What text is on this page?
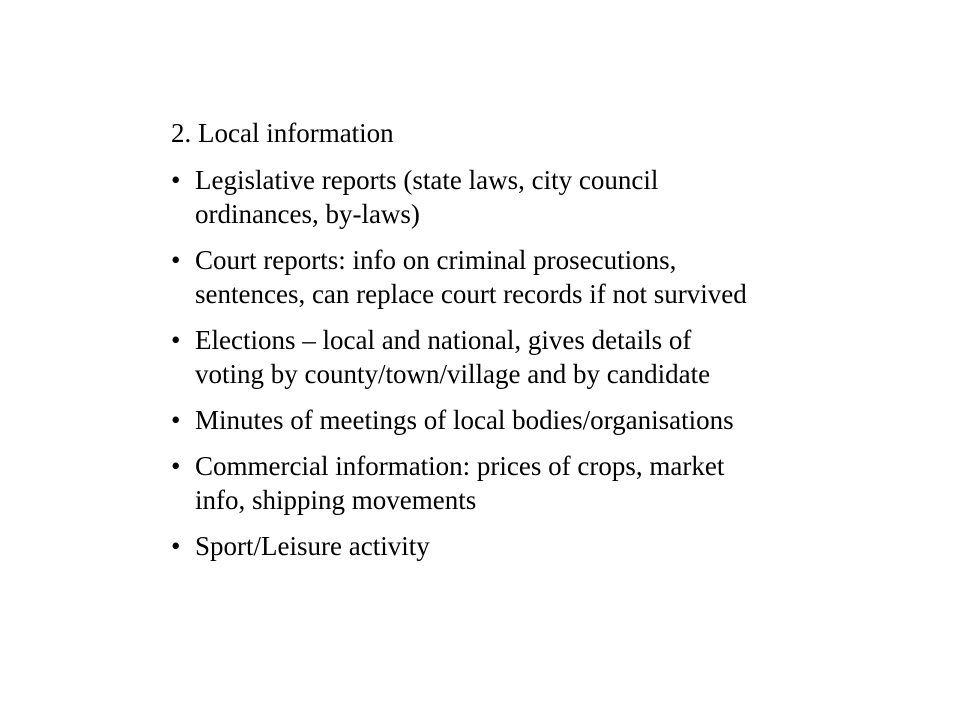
2. Local information
• Legislative reports (state laws, city council
ordinances, by-laws)
• Court reports: info on criminal prosecutions,
sentences, can replace court records if not survived
• Elections – local and national, gives details of
voting by county/town/village and by candidate
• Minutes of meetings of local bodies/organisations
• Commercial information: prices of crops, market
info, shipping movements
• Sport/Leisure activity
